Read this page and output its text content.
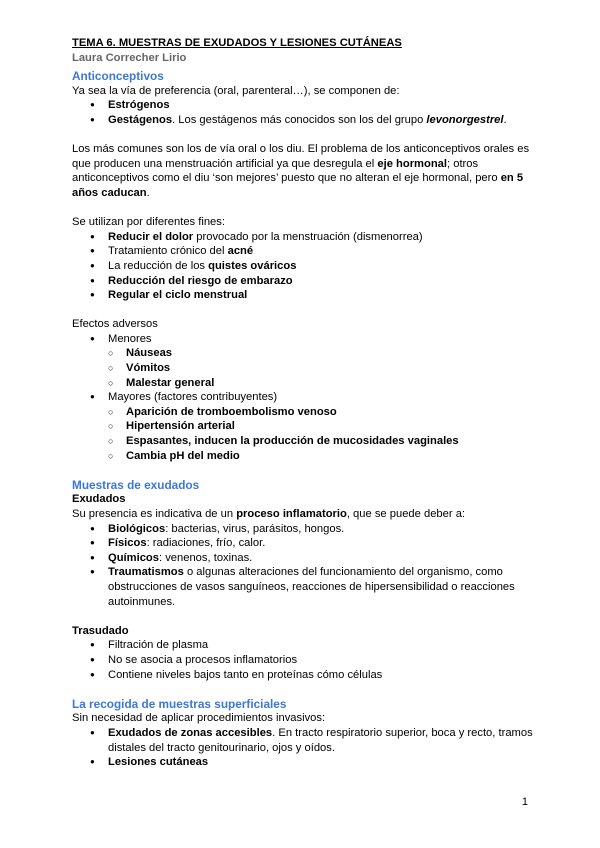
TEMA 6. MUESTRAS DE EXUDADOS Y LESIONES CUTÁNEAS
Laura Correcher Lirio
Anticonceptivos

Ya sea la vía de preferencia (oral, parenteral…), se componen de:

● Estrógenos
● Gestágenos. Los gestágenos más conocidos son los del grupo levonorgestrel.

Los más comunes son los de vía oral o los diu. El problema de los anticonceptivos orales es que producen una menstruación artificial ya que desregula el eje hormonal; otros anticonceptivos como el diu ‘son mejores’ puesto que no alteran el eje hormonal, pero en 5 años caducan.

Se utilizan por diferentes fines:

● Reducir el dolor provocado por la menstruación (dismenorrea)
● Tratamiento crónico del acné
● La reducción de los quistes ováricos
● Reducción del riesgo de embarazo
● Regular el ciclo menstrual

Efectos adversos

● Menores
○ Náuseas
○ Vómitos
○ Malestar general
● Mayores (factores contribuyentes)
○ Aparición de tromboembolismo venoso
○ Hipertensión arterial
○ Espasantes, inducen la producción de mucosidades vaginales
○ Cambia pH del medio
Muestras de exudados
Exudados

Su presencia es indicativa de un proceso inflamatorio, que se puede deber a:

● Biológicos: bacterias, virus, parásitos, hongos.
● Físicos: radiaciones, frío, calor.
● Químicos: venenos, toxinas.
● Traumatismos o algunas alteraciones del funcionamiento del organismo, como obstrucciones de vasos sanguíneos, reacciones de hipersensibilidad o reacciones autoinmunes.
Trasudado
● Filtración de plasma
● No se asocia a procesos inflamatorios
● Contiene niveles bajos tanto en proteínas cómo células
La recogida de muestras superficiales

Sin necesidad de aplicar procedimientos invasivos:

● Exudados de zonas accesibles. En tracto respiratorio superior, boca y recto, tramos distales del tracto genitourinario, ojos y oídos.
● Lesiones cutáneas
1
